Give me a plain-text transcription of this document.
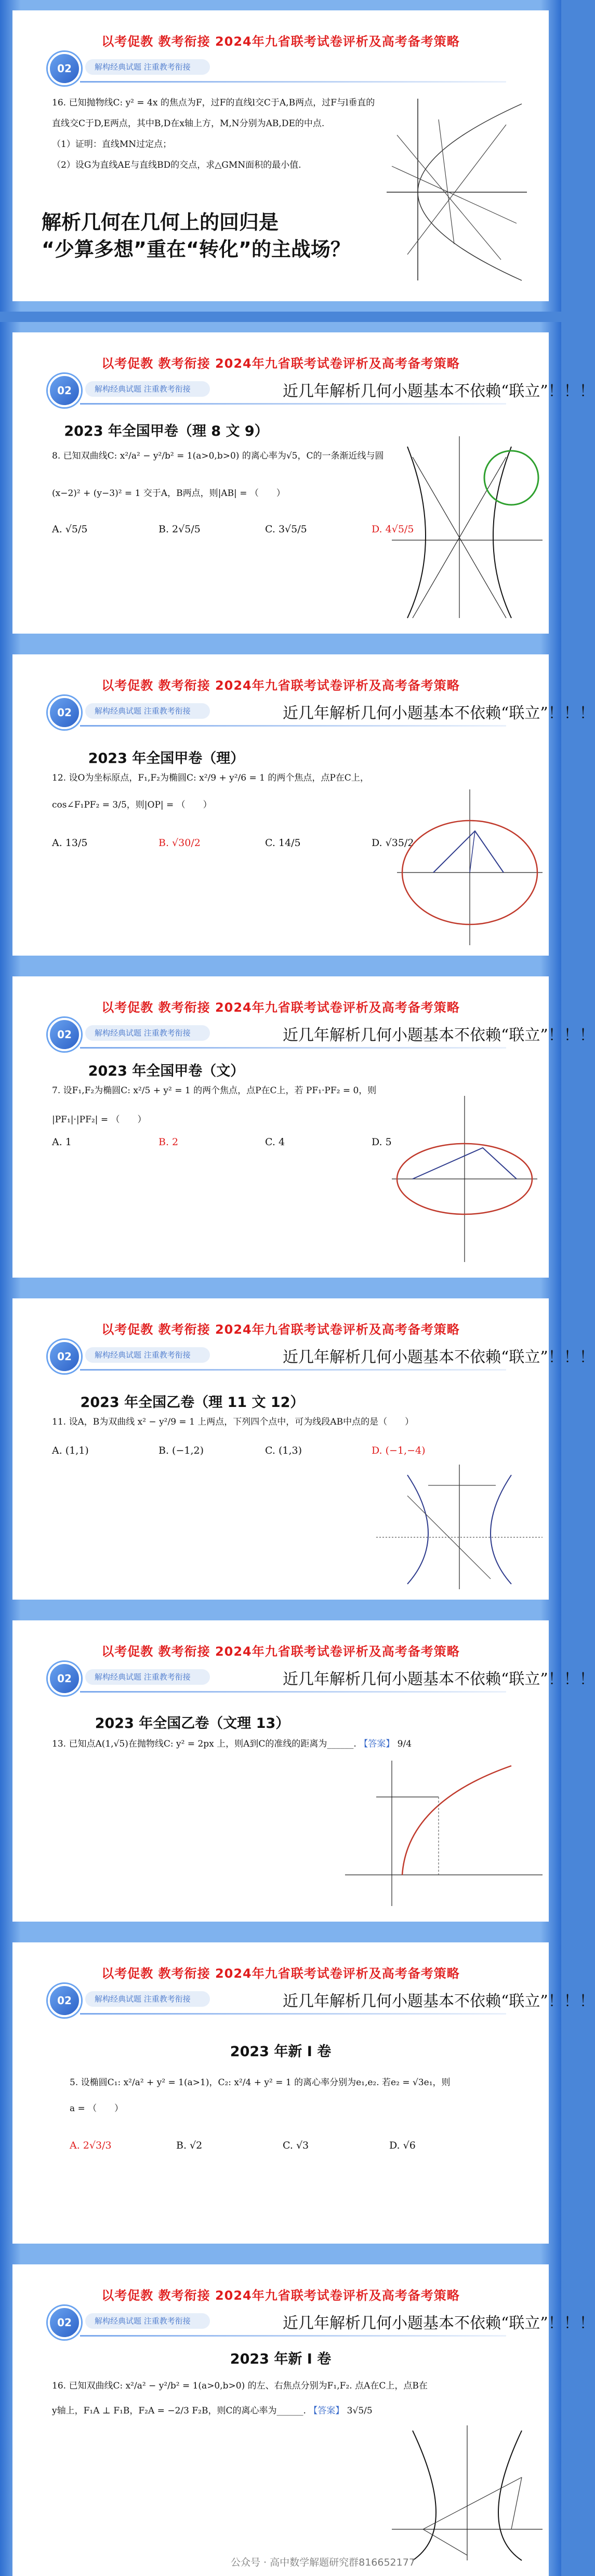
以考促教 教考衔接 2024年九省联考试卷评析及高考备考策略
02	解构经典试题 注重教考衔接
16. 已知抛物线C: y² = 4x 的焦点为F，过F的直线l交C于A,B两点，过F与l垂直的
直线交C于D,E两点，其中B,D在x轴上方，M,N分别为AB,DE的中点.
（1）证明：直线MN过定点；
（2）设G为直线AE与直线BD的交点，求△GMN面积的最小值.
解析几何在几何上的回归是
“少算多想”重在“转化”的主战场？
以考促教 教考衔接 2024年九省联考试卷评析及高考备考策略
02	解构经典试题 注重教考衔接	近几年解析几何小题基本不依赖“联立”！！！
2023 年全国甲卷（理 8 文 9）
8. 已知双曲线C: x²/a² − y²/b² = 1(a>0,b>0) 的离心率为√5，C的一条渐近线与圆
(x−2)² + (y−3)² = 1 交于A，B两点，则|AB| = （　　）
A. √5/5	B. 2√5/5	C. 3√5/5	D. 4√5/5
以考促教 教考衔接 2024年九省联考试卷评析及高考备考策略
02	解构经典试题 注重教考衔接	近几年解析几何小题基本不依赖“联立”！！！
2023 年全国甲卷（理）
12. 设O为坐标原点，F₁,F₂为椭圆C: x²/9 + y²/6 = 1 的两个焦点，点P在C上，
cos∠F₁PF₂ = 3/5，则|OP| = （　　）
A. 13/5	B. √30/2	C. 14/5	D. √35/2
以考促教 教考衔接 2024年九省联考试卷评析及高考备考策略
02	解构经典试题 注重教考衔接	近几年解析几何小题基本不依赖“联立”！！！
2023 年全国甲卷（文）
7. 设F₁,F₂为椭圆C: x²/5 + y² = 1 的两个焦点，点P在C上，若 PF₁·PF₂ = 0，则
|PF₁|·|PF₂| = （　　）
A. 1	B. 2	C. 4	D. 5
以考促教 教考衔接 2024年九省联考试卷评析及高考备考策略
02	解构经典试题 注重教考衔接	近几年解析几何小题基本不依赖“联立”！！！
2023 年全国乙卷（理 11 文 12）
11. 设A，B为双曲线 x² − y²/9 = 1 上两点，下列四个点中，可为线段AB中点的是（　　）
A. (1,1)	B. (−1,2)	C. (1,3)	D. (−1,−4)
以考促教 教考衔接 2024年九省联考试卷评析及高考备考策略
02	解构经典试题 注重教考衔接	近几年解析几何小题基本不依赖“联立”！！！
2023 年全国乙卷（文理 13）
13. 已知点A(1,√5)在抛物线C: y² = 2px 上，则A到C的准线的距离为______. 【答案】 9/4
以考促教 教考衔接 2024年九省联考试卷评析及高考备考策略
02	解构经典试题 注重教考衔接	近几年解析几何小题基本不依赖“联立”！！！
2023 年新 I 卷
5. 设椭圆C₁: x²/a² + y² = 1(a>1)，C₂: x²/4 + y² = 1 的离心率分别为e₁,e₂. 若e₂ = √3e₁，则
a = （　　）
A. 2√3/3	B. √2	C. √3	D. √6
以考促教 教考衔接 2024年九省联考试卷评析及高考备考策略
02	解构经典试题 注重教考衔接	近几年解析几何小题基本不依赖“联立”！！！
2023 年新 I 卷
16. 已知双曲线C: x²/a² − y²/b² = 1(a>0,b>0) 的左、右焦点分别为F₁,F₂. 点A在C上，点B在
y轴上，F₁A ⊥ F₁B，F₂A = −2/3 F₂B，则C的离心率为______. 【答案】 3√5/5
公众号 · 高中数学解题研究群816652177
